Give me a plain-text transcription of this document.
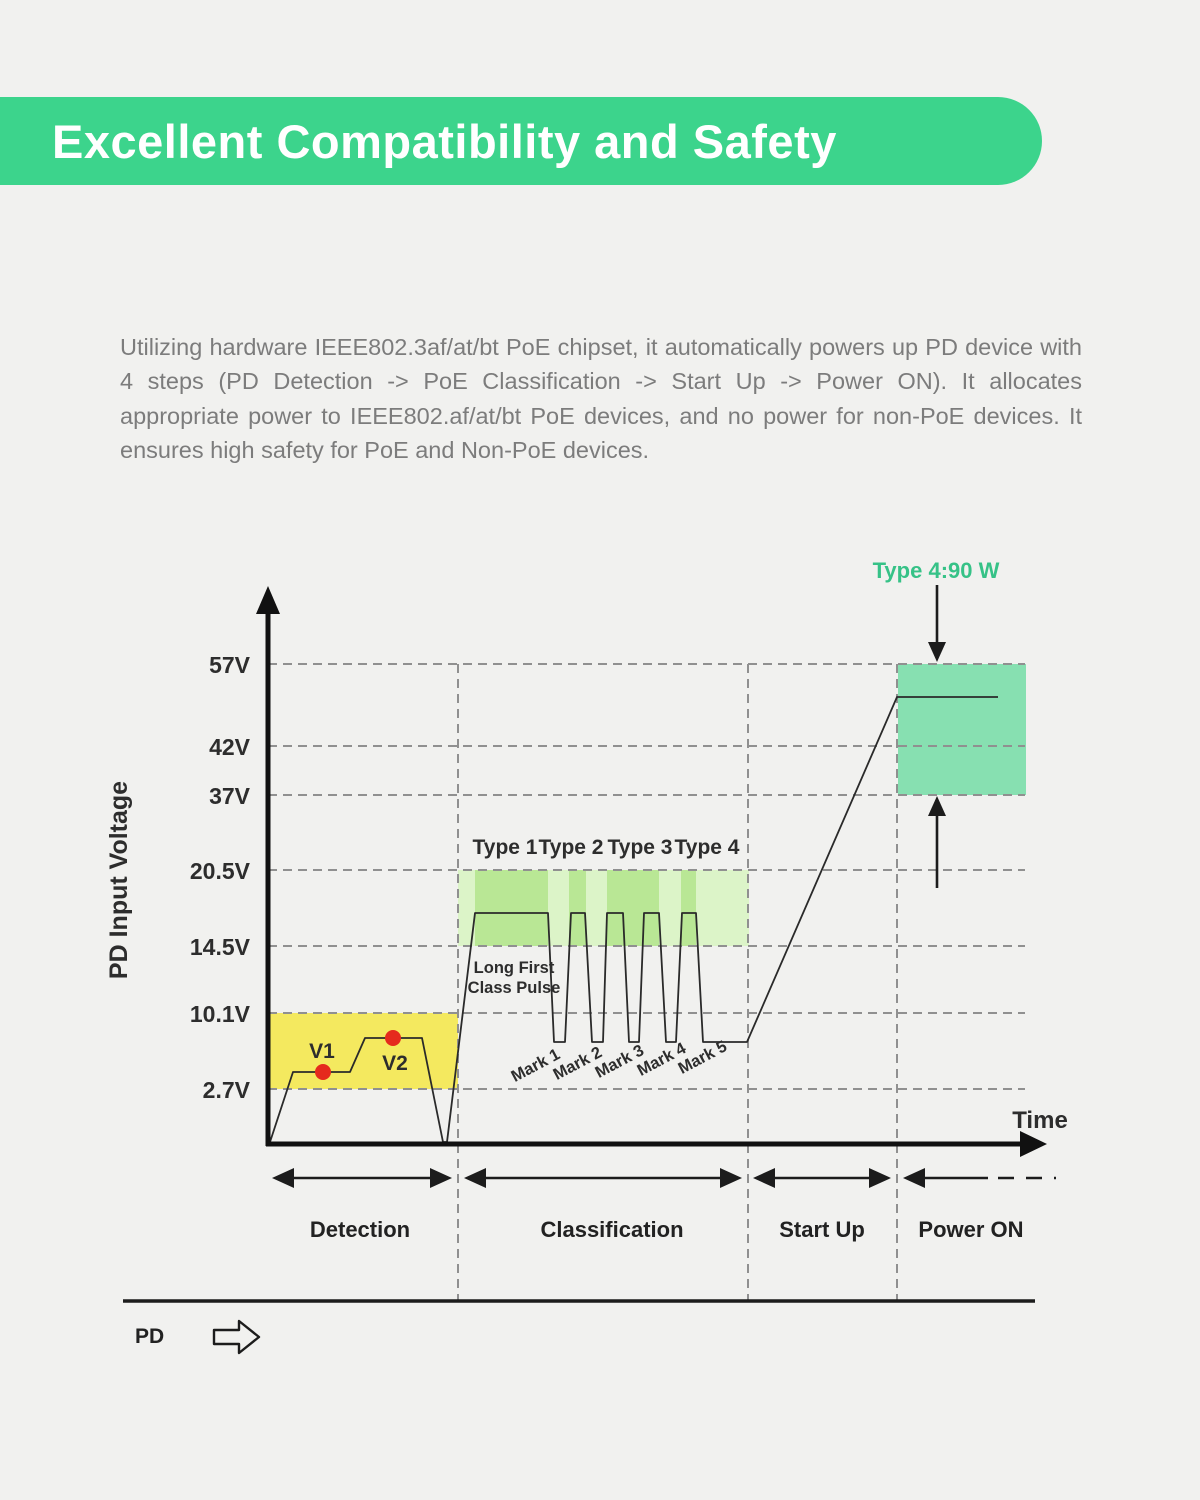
Excellent Compatibility and Safety

Utilizing hardware IEEE802.3af/at/bt PoE chipset, it automatically powers up PD device with 4 steps (PD Detection -> PoE Classification -> Start Up -> Power ON). It allocates appropriate power to IEEE802.af/at/bt PoE devices, and no power for non-PoE devices. It ensures high safety for PoE and Non-PoE devices.

Type 4:90 W
57V
42V
37V
20.5V
14.5V
10.1V
2.7V
PD Input Voltage
Time
Type 1 Type 2 Type 3 Type 4
Long First
Class Pulse
V1
V2	Mark 1
Mark 2
Mark 3
Mark 4
Mark 5
Detection	Classification	Start Up Power ON
PD
